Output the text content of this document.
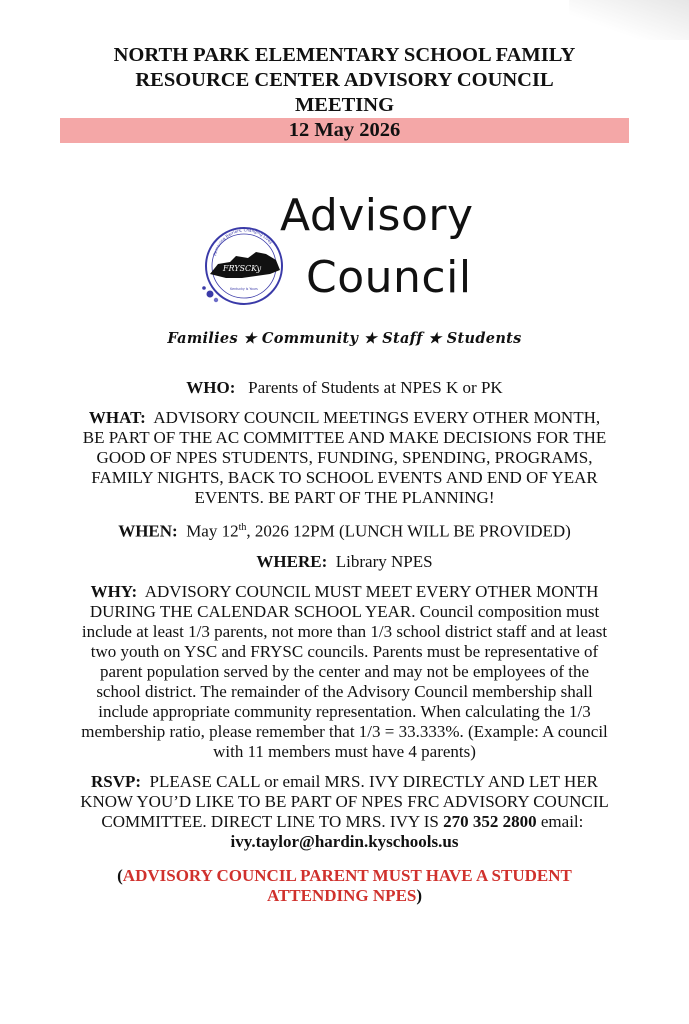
NORTH PARK ELEMENTARY SCHOOL FAMILY
RESOURCE CENTER ADVISORY COUNCIL
MEETING
12 May 2026
FRYSCKy
Kentucky Is Yours
Removing Barriers, Changing Lives
Advisory
Council
Families ★ Community ★ Staff ★ Students

WHO: Parents of Students at NPES K or PK

WHAT: ADVISORY COUNCIL MEETINGS EVERY OTHER MONTH, BE PART OF THE AC COMMITTEE AND MAKE DECISIONS FOR THE GOOD OF NPES STUDENTS, FUNDING, SPENDING, PROGRAMS, FAMILY NIGHTS, BACK TO SCHOOL EVENTS AND END OF YEAR EVENTS. BE PART OF THE PLANNING!

WHEN: May 12th, 2026 12PM (LUNCH WILL BE PROVIDED)

WHERE: Library NPES

WHY: ADVISORY COUNCIL MUST MEET EVERY OTHER MONTH DURING THE CALENDAR SCHOOL YEAR. Council composition must include at least 1/3 parents, not more than 1/3 school district staff and at least two youth on YSC and FRYSC councils. Parents must be representative of parent population served by the center and may not be employees of the school district. The remainder of the Advisory Council membership shall include appropriate community representation. When calculating the 1/3 membership ratio, please remember that 1/3 = 33.333%. (Example: A council with 11 members must have 4 parents)

RSVP: PLEASE CALL or email MRS. IVY DIRECTLY AND LET HER KNOW YOU’D LIKE TO BE PART OF NPES FRC ADVISORY COUNCIL COMMITTEE. DIRECT LINE TO MRS. IVY IS 270 352 2800 email:  ivy.taylor@hardin.kyschools.us

(ADVISORY COUNCIL PARENT MUST HAVE A STUDENT ATTENDING NPES)
